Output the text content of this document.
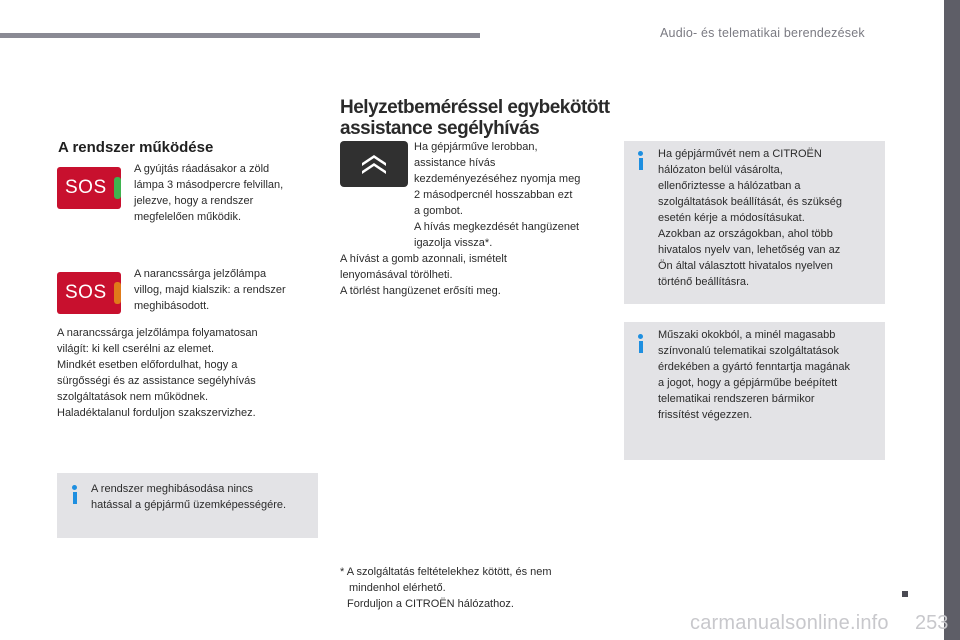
Audio- és telematikai berendezések
A rendszer működése
SOS
A gyújtás ráadásakor a zöld
lámpa 3 másodpercre felvillan,
jelezve, hogy a rendszer
megfelelően működik.
SOS
A narancssárga jelzőlámpa
villog, majd kialszik: a rendszer
meghibásodott.
A narancssárga jelzőlámpa folyamatosan
világít: ki kell cserélni az elemet.
Mindkét esetben előfordulhat, hogy a
sürgősségi és az assistance segélyhívás
szolgáltatások nem működnek.
Haladéktalanul forduljon szakszervizhez.
A rendszer meghibásodása nincs
hatással a gépjármű üzemképességére.
Helyzetbeméréssel egybekötött
assistance segélyhívás
Ha gépjárműve lerobban,
assistance hívás
kezdeményezéséhez nyomja meg
2 másodpercnél hosszabban ezt
a gombot.
A hívás megkezdését hangüzenet
igazolja vissza*.
A hívást a gomb azonnali, ismételt
lenyomásával törölheti.
A törlést hangüzenet erősíti meg.
* A szolgáltatás feltételekhez kötött, és nem
mindenhol elérhető.
Forduljon a CITROËN hálózathoz.
Ha gépjárművét nem a CITROËN
hálózaton belül vásárolta,
ellenőriztesse a hálózatban a
szolgáltatások beállítását, és szükség
esetén kérje a módosításukat.
Azokban az országokban, ahol több
hivatalos nyelv van, lehetőség van az
Ön által választott hivatalos nyelven
történő beállításra.
Műszaki okokból, a minél magasabb
színvonalú telematikai szolgáltatások
érdekében a gyártó fenntartja magának
a jogot, hogy a gépjárműbe beépített
telematikai rendszeren bármikor
frissítést végezzen.
carmanualsonline.info 253
